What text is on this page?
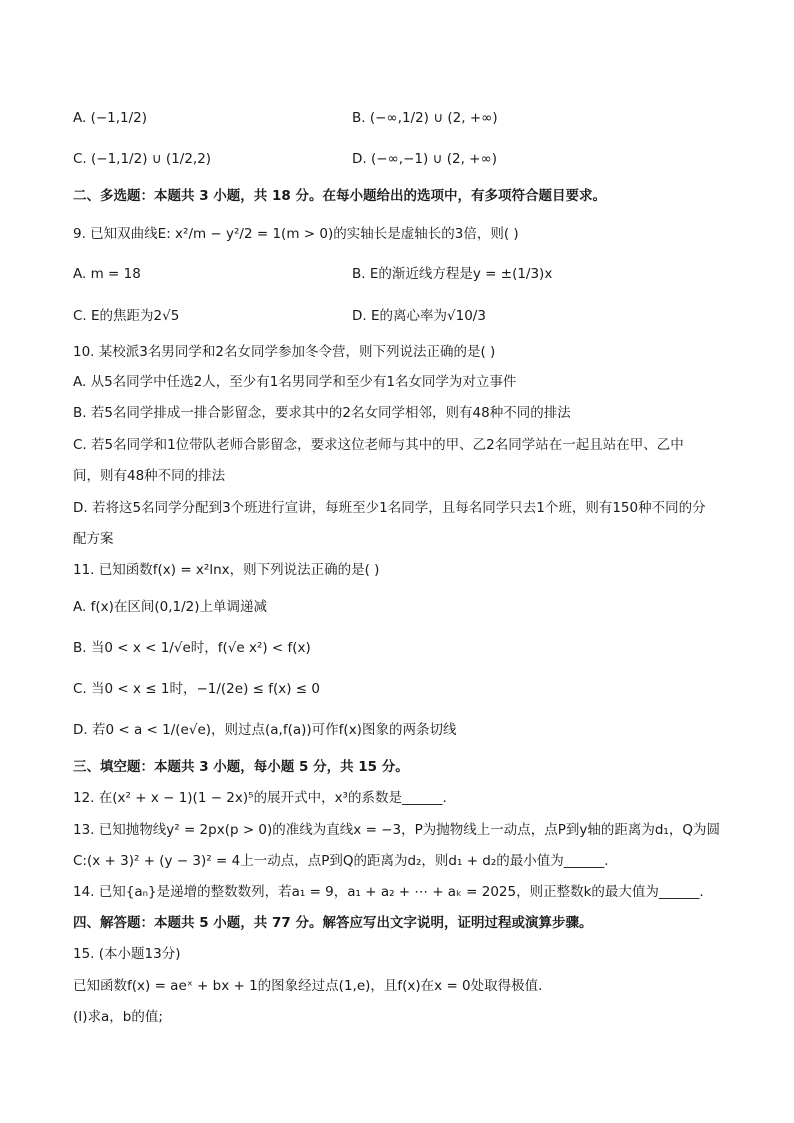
A. (−1,1/2)	B. (−∞,1/2) ∪ (2, +∞)
C. (−1,1/2) ∪ (1/2,2)	D. (−∞,−1) ∪ (2, +∞)
二、多选题：本题共 3 小题，共 18 分。在每小题给出的选项中，有多项符合题目要求。
9. 已知双曲线E: x²/m − y²/2 = 1(m > 0)的实轴长是虚轴长的3倍，则( )
A. m = 18	B. E的渐近线方程是y = ±(1/3)x
C. E的焦距为2√5	D. E的离心率为√10/3
10. 某校派3名男同学和2名女同学参加冬令营，则下列说法正确的是( )
A. 从5名同学中任选2人，至少有1名男同学和至少有1名女同学为对立事件
B. 若5名同学排成一排合影留念，要求其中的2名女同学相邻，则有48种不同的排法
C. 若5名同学和1位带队老师合影留念，要求这位老师与其中的甲、乙2名同学站在一起且站在甲、乙中
间，则有48种不同的排法
D. 若将这5名同学分配到3个班进行宣讲，每班至少1名同学，且每名同学只去1个班，则有150种不同的分
配方案
11. 已知函数f(x) = x²lnx，则下列说法正确的是( )
A. f(x)在区间(0,1/2)上单调递减
B. 当0 < x < 1/√e时，f(√e x²) < f(x)
C. 当0 < x ≤ 1时，−1/(2e) ≤ f(x) ≤ 0
D. 若0 < a < 1/(e√e)，则过点(a,f(a))可作f(x)图象的两条切线
三、填空题：本题共 3 小题，每小题 5 分，共 15 分。
12. 在(x² + x − 1)(1 − 2x)⁵的展开式中，x³的系数是______.
13. 已知抛物线y² = 2px(p > 0)的准线为直线x = −3，P为抛物线上一动点，点P到y轴的距离为d₁，Q为圆
C:(x + 3)² + (y − 3)² = 4上一动点，点P到Q的距离为d₂，则d₁ + d₂的最小值为______.
14. 已知{aₙ}是递增的整数数列，若a₁ = 9，a₁ + a₂ + ⋯ + aₖ = 2025，则正整数k的最大值为______.
四、解答题：本题共 5 小题，共 77 分。解答应写出文字说明，证明过程或演算步骤。
15. (本小题13分)
已知函数f(x) = aeˣ + bx + 1的图象经过点(1,e)，且f(x)在x = 0处取得极值.
(Ⅰ)求a，b的值;
